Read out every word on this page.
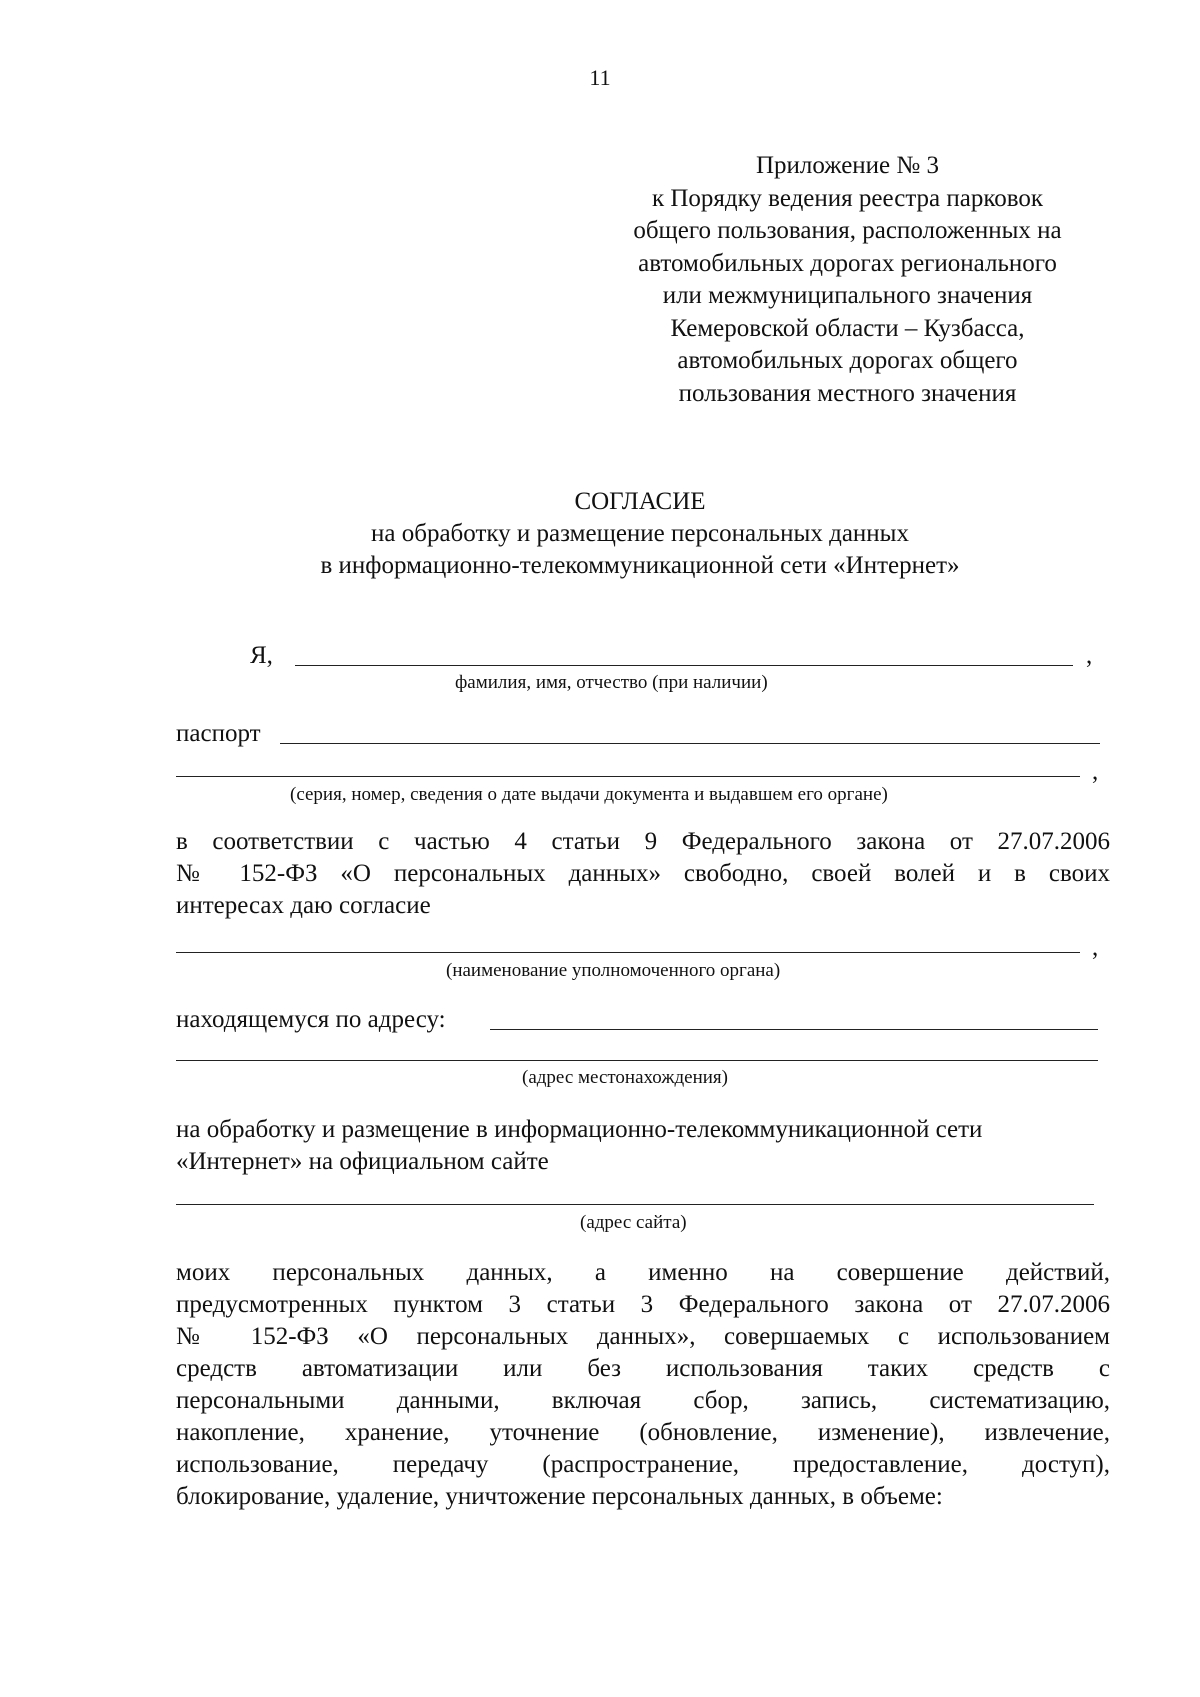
11
Приложение № 3
к Порядку ведения реестра парковок
общего пользования, расположенных на
автомобильных дорогах регионального
или межмуниципального значения
Кемеровской области – Кузбасса,
автомобильных дорогах общего
пользования местного значения
СОГЛАСИЕ
на обработку и размещение персональных данных
в информационно-телекоммуникационной сети «Интернет»
Я,	,
фамилия, имя, отчество (при наличии)
паспорт
,
(серия, номер, сведения о дате выдачи документа и выдавшем его органе)
в соответствии с частью 4 статьи 9 Федерального закона от 27.07.2006
№ 152-ФЗ «О персональных данных» свободно, своей волей и в своих
интересах даю согласие
,
(наименование уполномоченного органа)
находящемуся по адресу:
(адрес местонахождения)
на обработку и размещение в информационно-телекоммуникационной сети
«Интернет» на официальном сайте
(адрес сайта)
моих персональных данных, а именно на совершение действий,
предусмотренных пунктом 3 статьи 3 Федерального закона от 27.07.2006
№ 152-ФЗ «О персональных данных», совершаемых с использованием
средств автоматизации или без использования таких средств с
персональными данными, включая сбор, запись, систематизацию,
накопление, хранение, уточнение (обновление, изменение), извлечение,
использование, передачу (распространение, предоставление, доступ),
блокирование, удаление, уничтожение персональных данных, в объеме:
